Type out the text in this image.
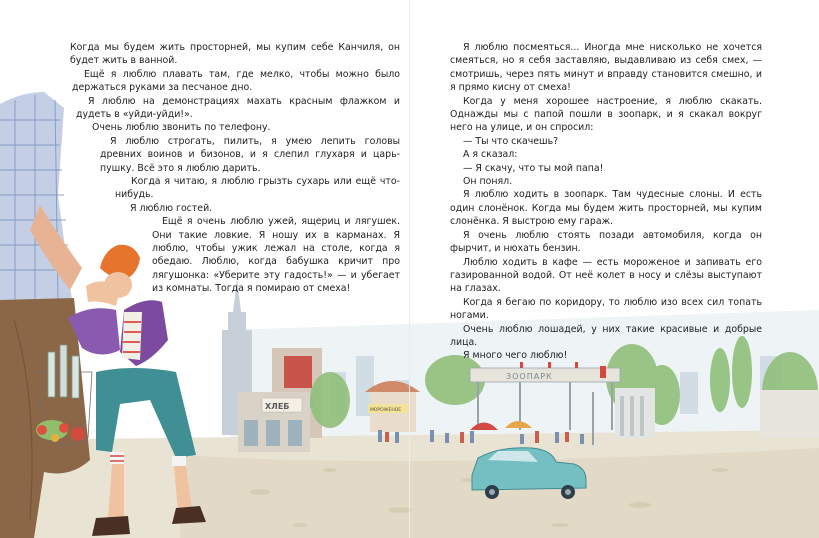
ХЛЕБ
ЗООПАРК
МОРОЖЕНОЕ

Когда мы будем жить просторней, мы купим себе Канчиля, он будет жить в ванной.

Ещё я люблю плавать там, где мелко, чтобы можно было держаться руками за песчаное дно.

Я люблю на демонстрациях махать красным флажком и дудеть в «уйди-уйди!».

Очень люблю звонить по телефону.

Я люблю строгать, пилить, я умею лепить головы древних воинов и бизонов, и я слепил глухаря и царь-пушку. Всё это я люблю дарить.

Когда я читаю, я люблю грызть сухарь или ещё что-нибудь.

Я люблю гостей.

Ещё я очень люблю ужей, ящериц и лягушек. Они такие ловкие. Я ношу их в карманах. Я люблю, чтобы ужик лежал на столе, когда я обедаю. Люблю, когда бабушка кричит про лягушонка: «Уберите эту гадость!» — и убегает из комнаты. Тогда я помираю от смеха!

Я люблю посмеяться... Иногда мне нисколько не хочется смеяться, но я себя заставляю, выдавливаю из себя смех, — смотришь, через пять минут и вправду становится смешно, и я прямо кисну от смеха!

Когда у меня хорошее настроение, я люблю скакать. Однажды мы с папой пошли в зоопарк, и я скакал вокруг него на улице, и он спросил:

— Ты что скачешь?

А я сказал:

— Я скачу, что ты мой папа!

Он понял.

Я люблю ходить в зоопарк. Там чудесные слоны. И есть один слонёнок. Когда мы будем жить просторней, мы купим слонёнка. Я выстрою ему гараж.

Я очень люблю стоять позади автомобиля, когда он фырчит, и нюхать бензин.

Люблю ходить в кафе — есть мороженое и запивать его газированной водой. От неё колет в носу и слёзы выступают на глазах.

Когда я бегаю по коридору, то люблю изо всех сил топать ногами.

Очень люблю лошадей, у них такие красивые и добрые лица.

Я много чего люблю!
